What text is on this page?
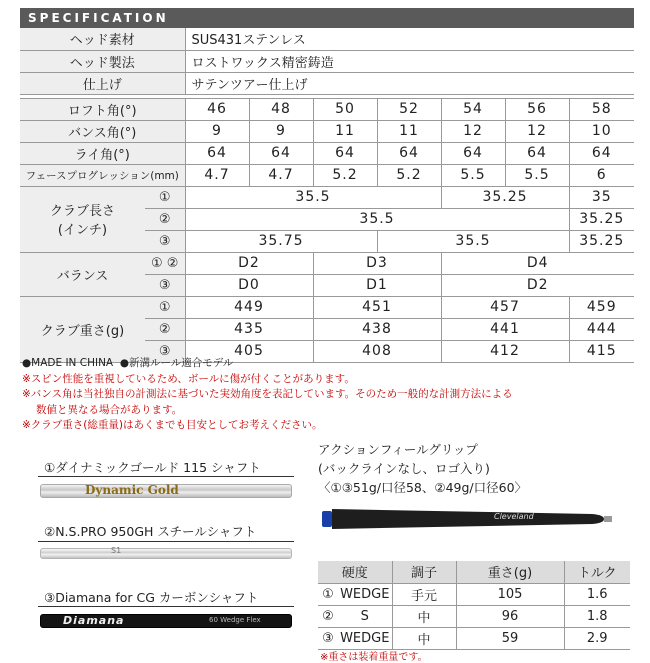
SPECIFICATION
ヘッド素材		SUS431ステンレス						
ヘッド製法		ロストワックス精密鋳造						
仕上げ		サテンツアー仕上げ						

ロフト角(°)		46	48	50	52	54	56	58
バンス角(°)		9	9	11	11	12	12	10
ライ角(°)		64	64	64	64	64	64	64
フェースプログレッション(mm)		4.7	4.7	5.2	5.2	5.5	5.5	6

クラブ長さ
(インチ)	①	35.5				35.25		35
	②	35.5						35.25
	③	35.75			35.5			35.25
バランス	① ②	D2		D3		D4		
	③	D0		D1		D2		
クラブ重さ(g)	①	449		451		457		459
	②	435		438		441		444
	③	405		408		412		415
●MADE IN CHINA ●新溝ルール適合モデル
※スピン性能を重視しているため、ボールに傷が付くことがあります。
※バンス角は当社独自の計測法に基づいた実効角度を表記しています。そのため一般的な計測方法による
数値と異なる場合があります。
※クラブ重さ(総重量)はあくまでも目安としてお考えください。
①ダイナミックゴールド 115 シャフト
Dynamic Gold
②N.S.PRO 950GH スチールシャフト
S1
③Diamana for CG カーボンシャフト
Diamana	60 Wedge Flex
アクションフィールグリップ
(バックラインなし、ロゴ入り)
〈①③51g/口径58、②49g/口径60〉
Cleveland
硬度		調子	重さ(g)	トルク
①	WEDGE	手元	105	1.6
②	S	中	96	1.8
③	WEDGE	中	59	2.9
※重さは装着重量です。
